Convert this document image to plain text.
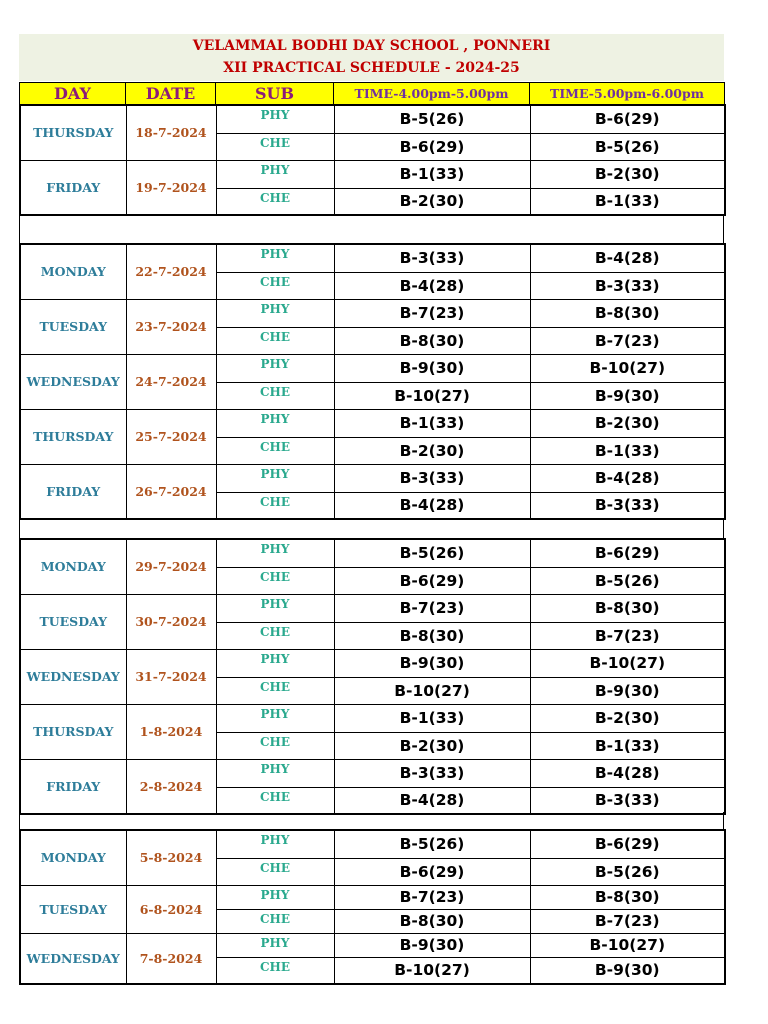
VELAMMAL BODHI DAY SCHOOL , PONNERI
XII PRACTICAL SCHEDULE - 2024-25
DAY	DATE	SUB	TIME-4.00pm-5.00pm	TIME-5.00pm-6.00pm
THURSDAY	18-7-2024	PHY	B-5(26)	B-6(29)
		CHE	B-6(29)	B-5(26)
FRIDAY	19-7-2024	PHY	B-1(33)	B-2(30)
		CHE	B-2(30)	B-1(33)
MONDAY	22-7-2024	PHY	B-3(33)	B-4(28)
		CHE	B-4(28)	B-3(33)
TUESDAY	23-7-2024	PHY	B-7(23)	B-8(30)
		CHE	B-8(30)	B-7(23)
WEDNESDAY	24-7-2024	PHY	B-9(30)	B-10(27)
		CHE	B-10(27)	B-9(30)
THURSDAY	25-7-2024	PHY	B-1(33)	B-2(30)
		CHE	B-2(30)	B-1(33)
FRIDAY	26-7-2024	PHY	B-3(33)	B-4(28)
		CHE	B-4(28)	B-3(33)
MONDAY	29-7-2024	PHY	B-5(26)	B-6(29)
		CHE	B-6(29)	B-5(26)
TUESDAY	30-7-2024	PHY	B-7(23)	B-8(30)
		CHE	B-8(30)	B-7(23)
WEDNESDAY	31-7-2024	PHY	B-9(30)	B-10(27)
		CHE	B-10(27)	B-9(30)
THURSDAY	1-8-2024	PHY	B-1(33)	B-2(30)
		CHE	B-2(30)	B-1(33)
FRIDAY	2-8-2024	PHY	B-3(33)	B-4(28)
		CHE	B-4(28)	B-3(33)
MONDAY	5-8-2024	PHY	B-5(26)	B-6(29)
		CHE	B-6(29)	B-5(26)
TUESDAY	6-8-2024	PHY	B-7(23)	B-8(30)
		CHE	B-8(30)	B-7(23)
WEDNESDAY	7-8-2024	PHY	B-9(30)	B-10(27)
		CHE	B-10(27)	B-9(30)
